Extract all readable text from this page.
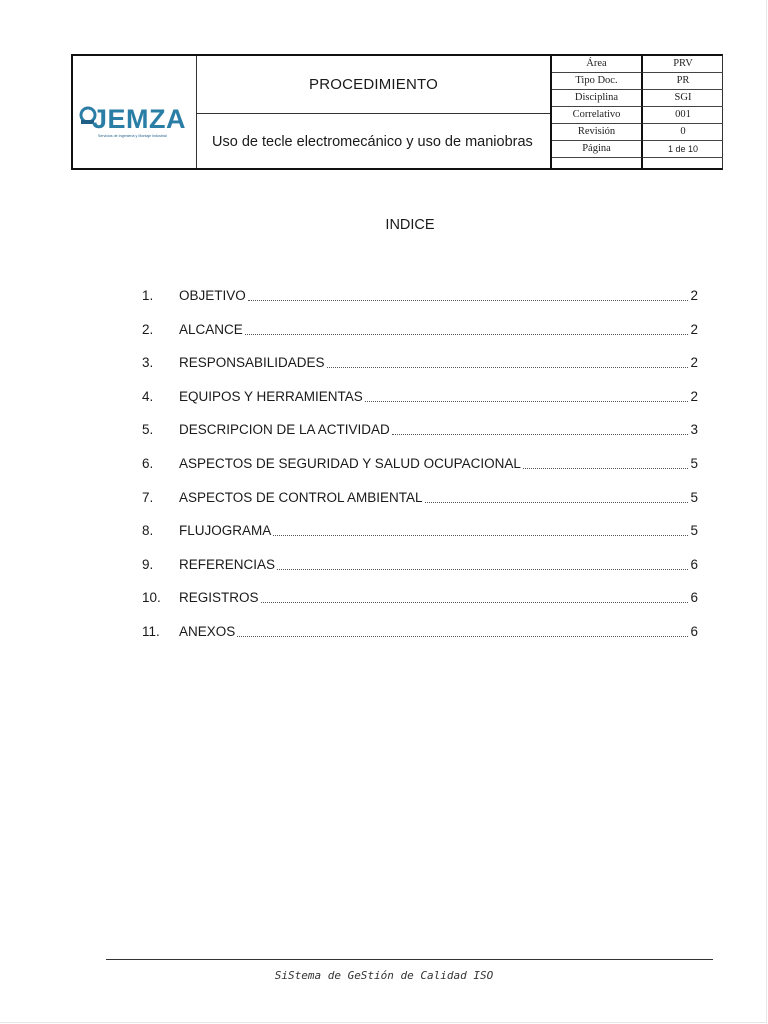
JEMZA
Servicios de Ingeniería y Montaje Industrial
PROCEDIMIENTO
Uso de tecle electromecánico y uso de maniobras
Área	PRV
Tipo Doc.	PR
Disciplina	SGI
Correlativo	001
Revisión	0
Página	1 de 10
INDICE
1.	OBJETIVO	2
2.	ALCANCE	2
3.	RESPONSABILIDADES	2
4.	EQUIPOS Y HERRAMIENTAS	2
5.	DESCRIPCION DE LA ACTIVIDAD	3
6.	ASPECTOS DE SEGURIDAD Y SALUD OCUPACIONAL	5
7.	ASPECTOS DE CONTROL AMBIENTAL	5
8.	FLUJOGRAMA	5
9.	REFERENCIAS	6
10.	REGISTROS	6
11.	ANEXOS	6
SiStema de GeStión de Calidad ISO
